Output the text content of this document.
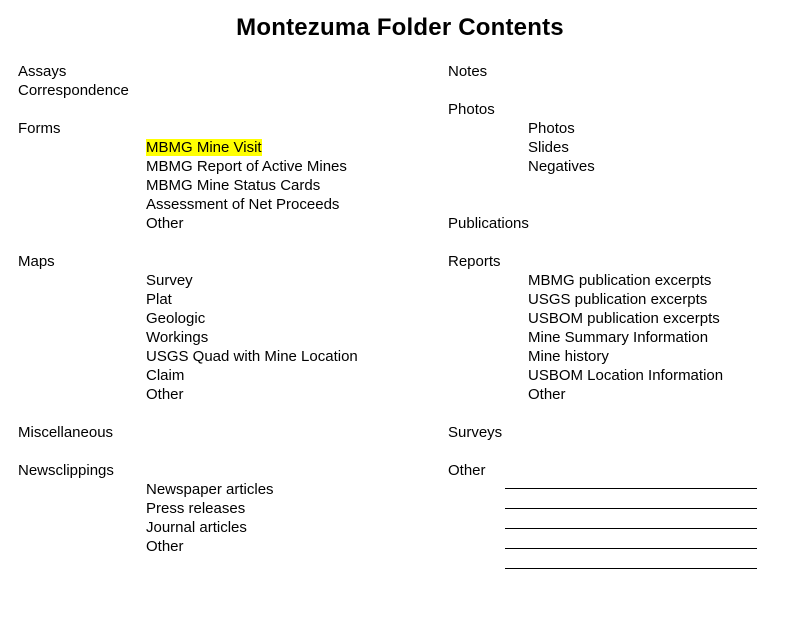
Montezuma Folder Contents
Assays
Correspondence
Forms
MBMG Mine Visit
MBMG Report of Active Mines
MBMG Mine Status Cards
Assessment of Net Proceeds
Other
Maps
Survey
Plat
Geologic
Workings
USGS Quad with Mine Location
Claim
Other
Miscellaneous
Newsclippings
Newspaper articles
Press releases
Journal articles
Other
Notes
Photos
Photos
Slides
Negatives
Publications
Reports
MBMG publication excerpts
USGS publication excerpts
USBOM publication excerpts
Mine Summary Information
Mine history
USBOM Location Information
Other
Surveys
Other
